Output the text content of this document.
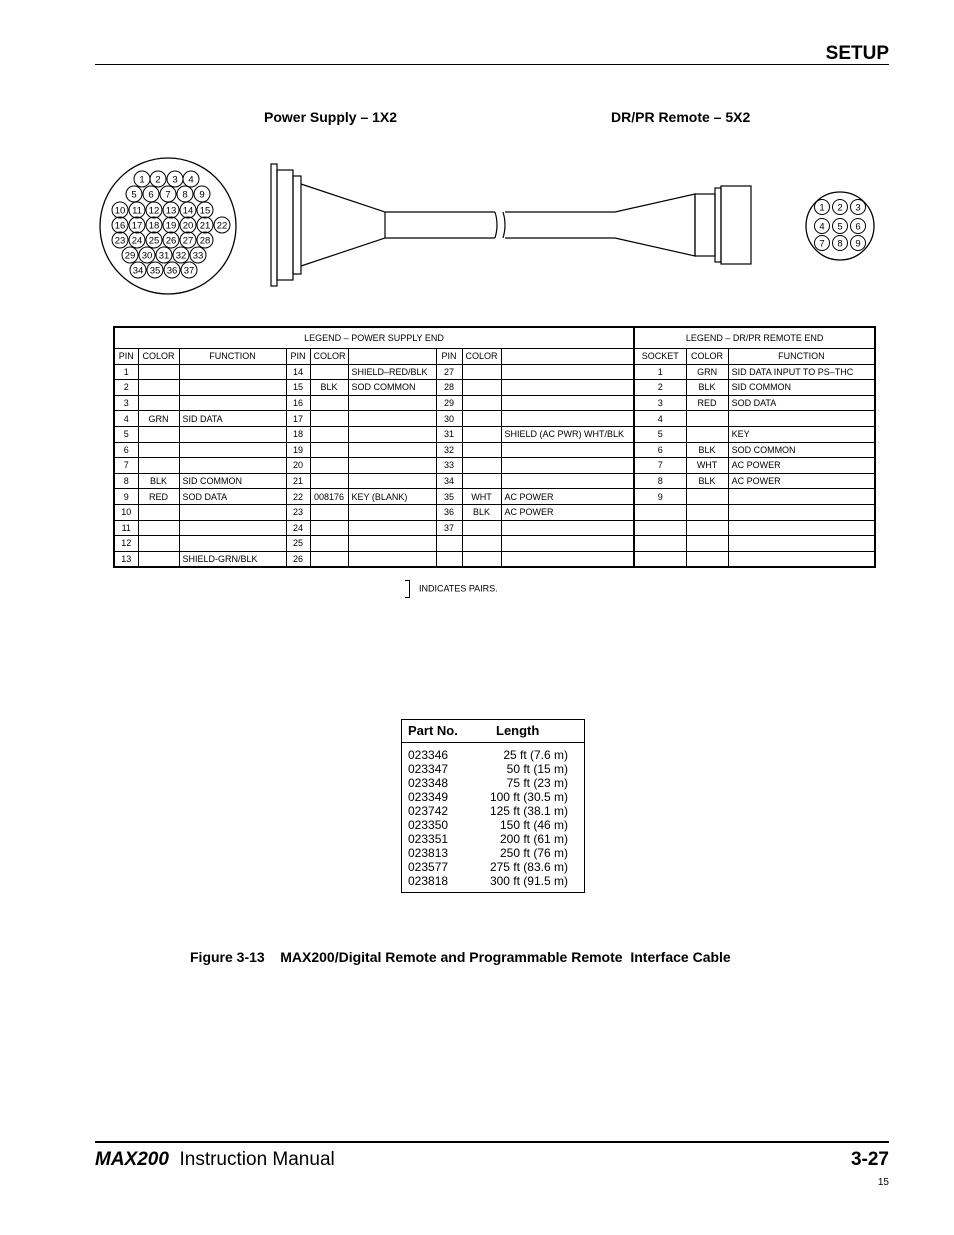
SETUP
Power Supply – 1X2	DR/PR Remote – 5X2
1 2 3 4
5 6 7 8 9
10 11 12 13 14 15
16 17 18 19 20 21 22
23 24 25 26 27 28
29 30 31 32 33
34 35 36 37
1 2 3
4 5 6
7 8 9
LEGEND – POWER SUPPLY END									LEGEND – DR/PR REMOTE END		
PIN	COLOR	FUNCTION	PIN	COLOR		PIN	COLOR		SOCKET	COLOR	FUNCTION
1			14		SHIELD–RED/BLK	27			1	GRN	SID DATA INPUT TO PS–THC
2			15	BLK	SOD COMMON	28			2	BLK	SID COMMON
3			16			29			3	RED	SOD DATA
4	GRN	SID DATA	17			30			4		
5			18			31		SHIELD (AC PWR) WHT/BLK	5		KEY
6			19			32			6	BLK	SOD COMMON
7			20			33			7	WHT	AC POWER
8	BLK	SID COMMON	21			34			8	BLK	AC POWER
9	RED	SOD DATA	22	008176	KEY (BLANK)	35	WHT	AC POWER	9		
10			23			36	BLK	AC POWER			
11			24			37					
12			25								
13		SHIELD-GRN/BLK	26								
INDICATES PAIRS.
Part No.	Length
023346	25 ft (7.6 m)
023347	50 ft (15 m)
023348	75 ft (23 m)
023349	100 ft (30.5 m)
023742	125 ft (38.1 m)
023350	150 ft (46 m)
023351	200 ft (61 m)
023813	250 ft (76 m)
023577	275 ft (83.6 m)
023818	300 ft (91.5 m)
Figure 3-13    MAX200/Digital Remote and Programmable Remote  Interface Cable
MAX200 Instruction Manual	3-27
15
